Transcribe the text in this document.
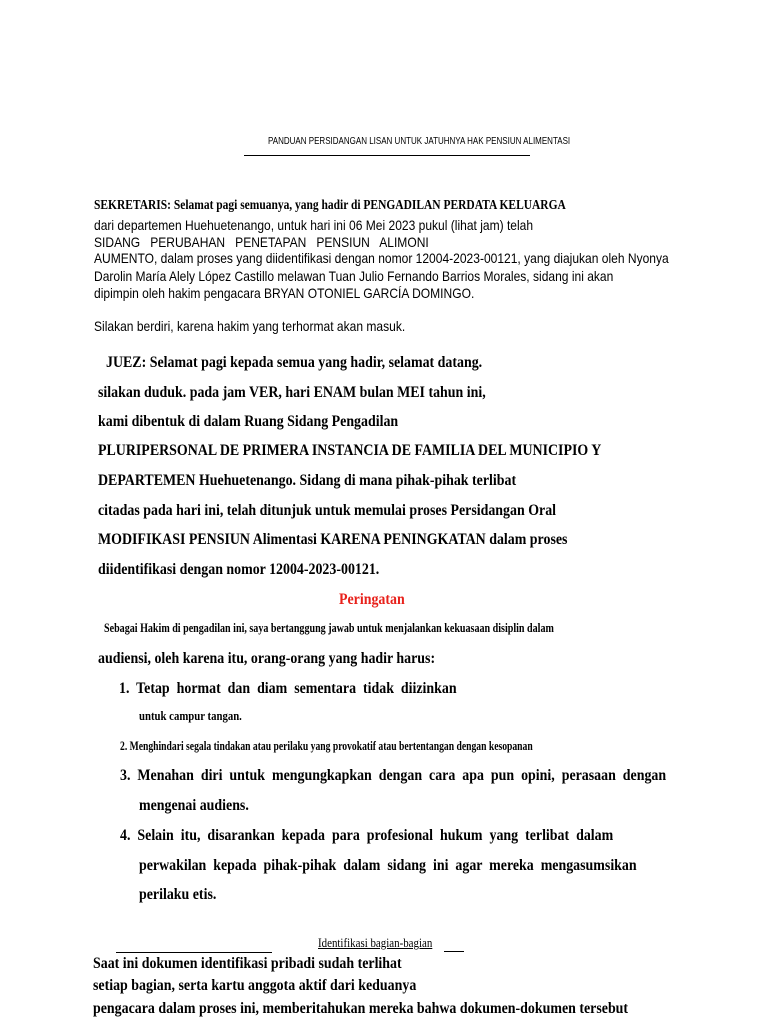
PANDUAN PERSIDANGAN LISAN UNTUK JATUHNYA HAK PENSIUN ALIMENTASI
SEKRETARIS: Selamat pagi semuanya, yang hadir di PENGADILAN PERDATA KELUARGA
dari departemen Huehuetenango, untuk hari ini 06 Mei 2023 pukul (lihat jam) telah
SIDANG   PERUBAHAN   PENETAPAN   PENSIUN   ALIMONI
AUMENTO, dalam proses yang diidentifikasi dengan nomor 12004-2023-00121, yang diajukan oleh Nyonya
Darolin María Alely López Castillo melawan Tuan Julio Fernando Barrios Morales, sidang ini akan
dipimpin oleh hakim pengacara BRYAN OTONIEL GARCÍA DOMINGO.
Silakan berdiri, karena hakim yang terhormat akan masuk.
JUEZ: Selamat pagi kepada semua yang hadir, selamat datang.
silakan duduk. pada jam VER, hari ENAM bulan MEI tahun ini,
kami dibentuk di dalam Ruang Sidang Pengadilan
PLURIPERSONAL DE PRIMERA INSTANCIA DE FAMILIA DEL MUNICIPIO Y
DEPARTEMEN Huehuetenango. Sidang di mana pihak-pihak terlibat
citadas pada hari ini, telah ditunjuk untuk memulai proses Persidangan Oral
MODIFIKASI PENSIUN Alimentasi KARENA PENINGKATAN dalam proses
diidentifikasi dengan nomor 12004-2023-00121.
Peringatan
Sebagai Hakim di pengadilan ini, saya bertanggung jawab untuk menjalankan kekuasaan disiplin dalam
audiensi, oleh karena itu, orang-orang yang hadir harus:
1.  Tetap  hormat  dan  diam  sementara  tidak  diizinkan
untuk campur tangan.
2. Menghindari segala tindakan atau perilaku yang provokatif atau bertentangan dengan kesopanan
3.  Menahan  diri  untuk  mengungkapkan  dengan  cara  apa  pun  opini,  perasaan  dengan
mengenai audiens.
4.  Selain  itu,  disarankan  kepada  para  profesional  hukum  yang  terlibat  dalam
perwakilan  kepada  pihak-pihak  dalam  sidang  ini  agar  mereka  mengasumsikan
perilaku etis.
Identifikasi bagian-bagian
Saat ini dokumen identifikasi pribadi sudah terlihat
setiap bagian, serta kartu anggota aktif dari keduanya
pengacara dalam proses ini, memberitahukan mereka bahwa dokumen-dokumen tersebut
